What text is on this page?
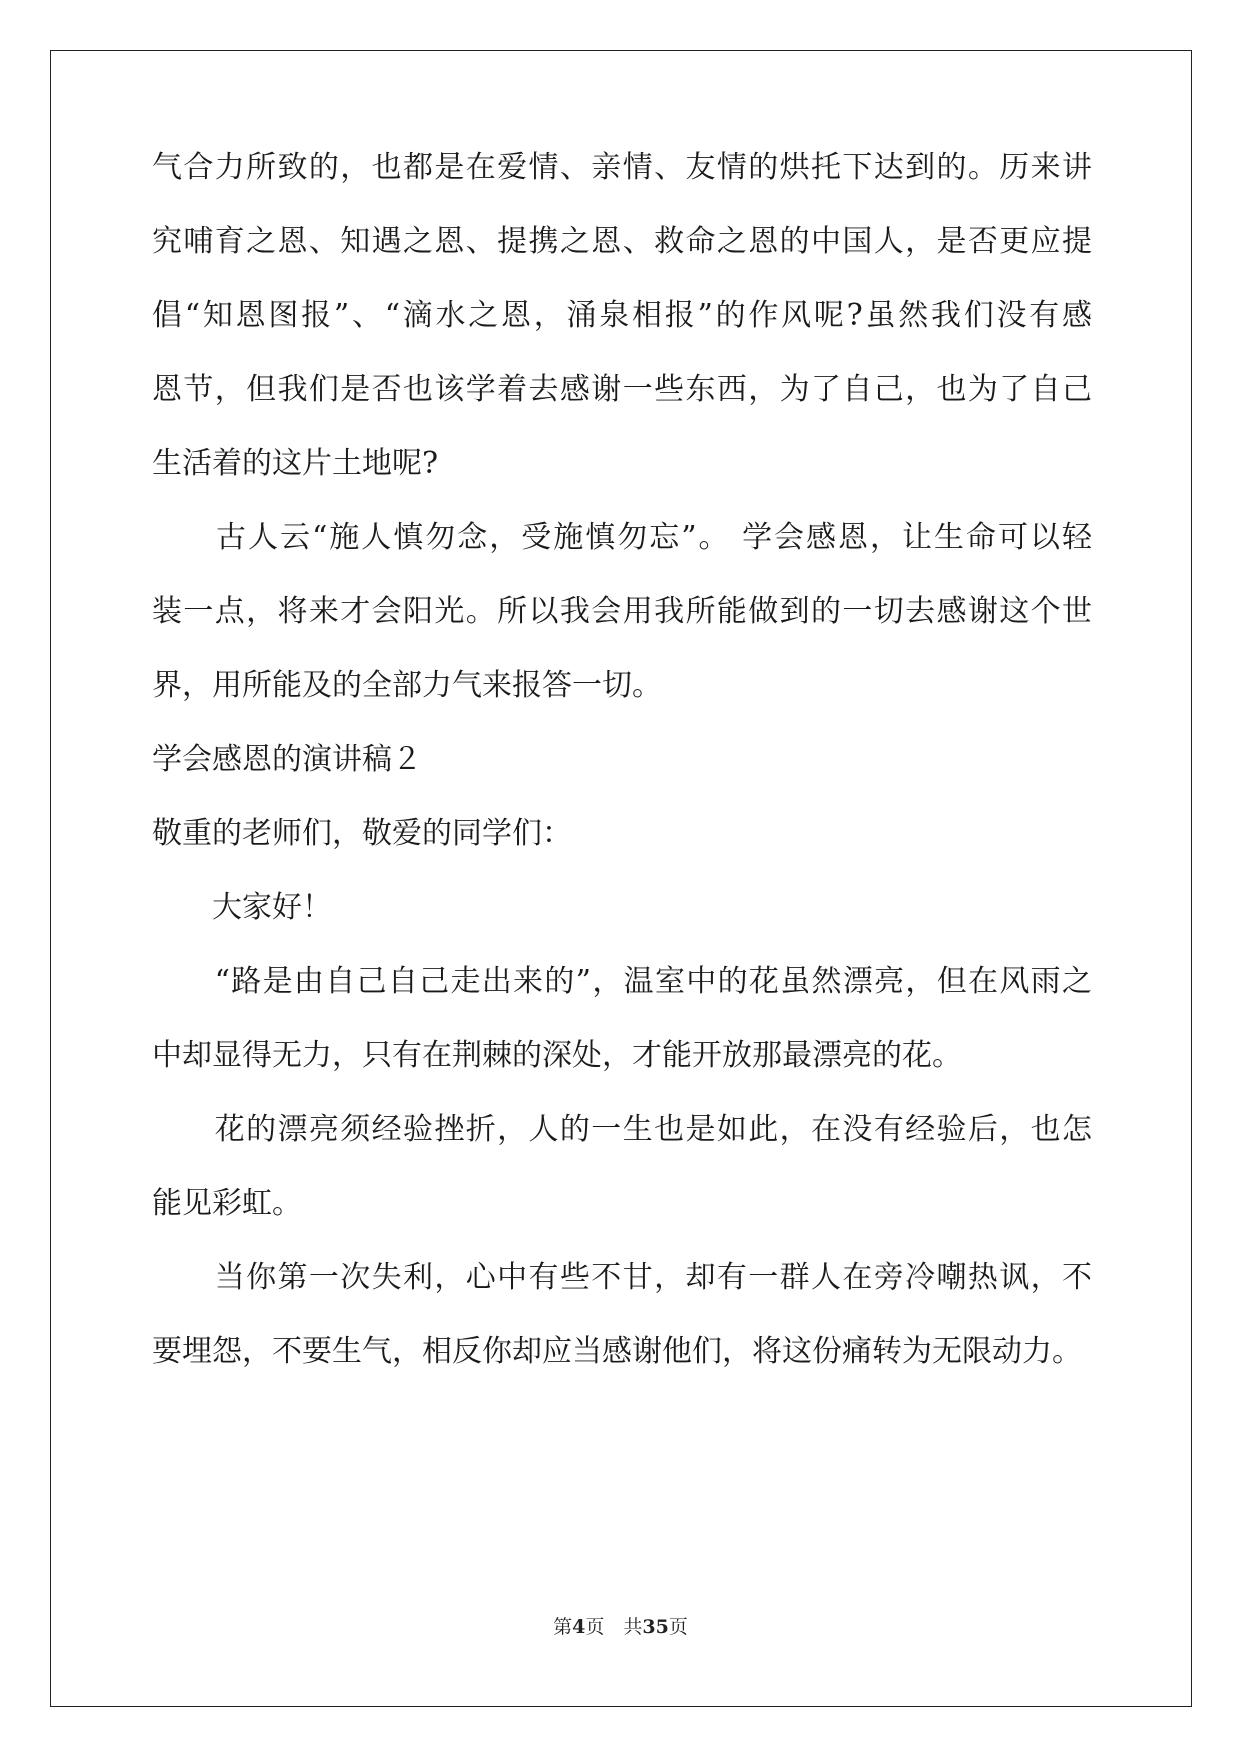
气合力所致的，也都是在爱情、亲情、友情的烘托下达到的。历来讲
究哺育之恩、知遇之恩、提携之恩、救命之恩的中国人，是否更应提
倡“知恩图报”、“滴水之恩，涌泉相报”的作风呢?虽然我们没有感
恩节，但我们是否也该学着去感谢一些东西，为了自己，也为了自己
生活着的这片土地呢?
　　古人云“施人慎勿念，受施慎勿忘”。 学会感恩，让生命可以轻
装一点，将来才会阳光。所以我会用我所能做到的一切去感谢这个世
界，用所能及的全部力气来报答一切。
学会感恩的演讲稿２
敬重的老师们，敬爱的同学们：
　　大家好！
　　“路是由自己自己走出来的”，温室中的花虽然漂亮，但在风雨之
中却显得无力，只有在荆棘的深处，才能开放那最漂亮的花。
　　花的漂亮须经验挫折，人的一生也是如此，在没有经验后，也怎
能见彩虹。
　　当你第一次失利，心中有些不甘，却有一群人在旁冷嘲热讽，不
要埋怨，不要生气，相反你却应当感谢他们，将这份痛转为无限动力。
第4页　共35页
